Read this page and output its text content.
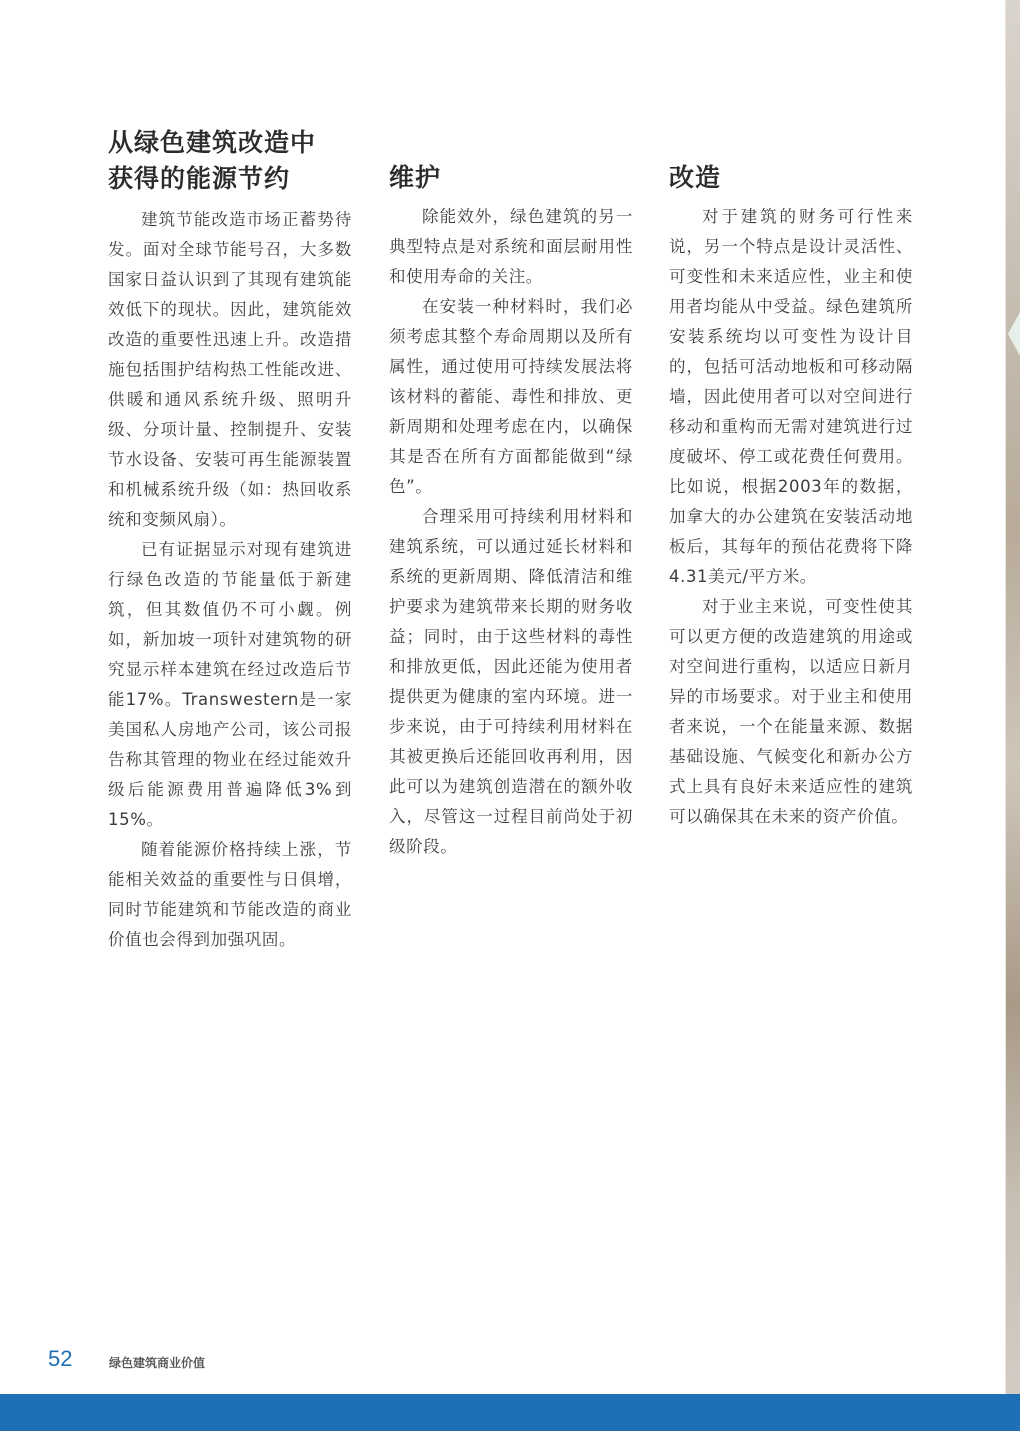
从绿色建筑改造中
获得的能源节约

建筑节能改造市场正蓄势待发。面对全球节能号召，大多数国家日益认识到了其现有建筑能效低下的现状。因此，建筑能效改造的重要性迅速上升。改造措施包括围护结构热工性能改进、供暖和通风系统升级、照明升级、分项计量、控制提升、安装节水设备、安装可再生能源装置和机械系统升级（如：热回收系统和变频风扇）。

已有证据显示对现有建筑进行绿色改造的节能量低于新建筑，但其数值仍不可小觑。例如，新加坡一项针对建筑物的研究显示样本建筑在经过改造后节能17%。Transwestern是一家美国私人房地产公司，该公司报告称其管理的物业在经过能效升级后能源费用普遍降低3%到15%。

随着能源价格持续上涨，节能相关效益的重要性与日俱增，同时节能建筑和节能改造的商业价值也会得到加强巩固。

维护

除能效外，绿色建筑的另一典型特点是对系统和面层耐用性和使用寿命的关注。

在安装一种材料时，我们必须考虑其整个寿命周期以及所有属性，通过使用可持续发展法将该材料的蓄能、毒性和排放、更新周期和处理考虑在内，以确保其是否在所有方面都能做到“绿色”。

合理采用可持续利用材料和建筑系统，可以通过延长材料和系统的更新周期、降低清洁和维护要求为建筑带来长期的财务收益；同时，由于这些材料的毒性和排放更低，因此还能为使用者提供更为健康的室内环境。进一步来说，由于可持续利用材料在其被更换后还能回收再利用，因此可以为建筑创造潜在的额外收入，尽管这一过程目前尚处于初级阶段。

改造

对于建筑的财务可行性来说，另一个特点是设计灵活性、可变性和未来适应性，业主和使用者均能从中受益。绿色建筑所安装系统均以可变性为设计目的，包括可活动地板和可移动隔墙，因此使用者可以对空间进行移动和重构而无需对建筑进行过度破坏、停工或花费任何费用。比如说，根据2003年的数据，加拿大的办公建筑在安装活动地板后，其每年的预估花费将下降4.31美元/平方米。

对于业主来说，可变性使其可以更方便的改造建筑的用途或对空间进行重构，以适应日新月异的市场要求。对于业主和使用者来说，一个在能量来源、数据基础设施、气候变化和新办公方式上具有良好未来适应性的建筑可以确保其在未来的资产价值。

52	绿色建筑商业价值
